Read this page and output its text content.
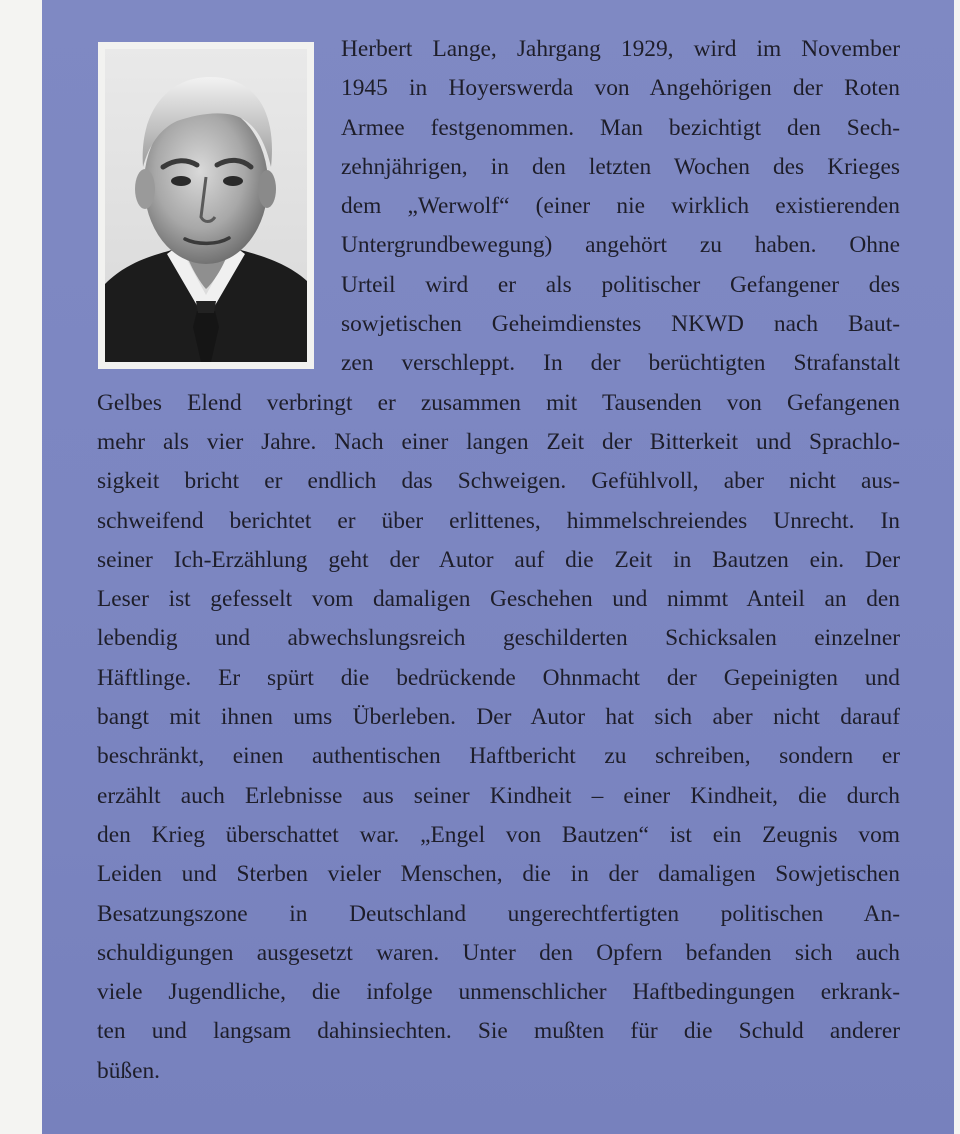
Herbert Lange, Jahrgang 1929, wird im November
1945 in Hoyerswerda von Angehörigen der Roten
Armee festgenommen. Man bezichtigt den Sech-
zehnjährigen, in den letzten Wochen des Krieges
dem „Werwolf“ (einer nie wirklich existierenden
Untergrundbewegung) angehört zu haben. Ohne
Urteil wird er als politischer Gefangener des
sowjetischen Geheimdienstes NKWD nach Baut-
zen verschleppt. In der berüchtigten Strafanstalt
Gelbes Elend verbringt er zusammen mit Tausenden von Gefangenen
mehr als vier Jahre. Nach einer langen Zeit der Bitterkeit und Sprachlo-
sigkeit bricht er endlich das Schweigen. Gefühlvoll, aber nicht aus-
schweifend berichtet er über erlittenes, himmelschreiendes Unrecht. In
seiner Ich-Erzählung geht der Autor auf die Zeit in Bautzen ein. Der
Leser ist gefesselt vom damaligen Geschehen und nimmt Anteil an den
lebendig und abwechslungsreich geschilderten Schicksalen einzelner
Häftlinge. Er spürt die bedrückende Ohnmacht der Gepeinigten und
bangt mit ihnen ums Überleben. Der Autor hat sich aber nicht darauf
beschränkt, einen authentischen Haftbericht zu schreiben, sondern er
erzählt auch Erlebnisse aus seiner Kindheit – einer Kindheit, die durch
den Krieg überschattet war. „Engel von Bautzen“ ist ein Zeugnis vom
Leiden und Sterben vieler Menschen, die in der damaligen Sowjetischen
Besatzungszone in Deutschland ungerechtfertigten politischen An-
schuldigungen ausgesetzt waren. Unter den Opfern befanden sich auch
viele Jugendliche, die infolge unmenschlicher Haftbedingungen erkrank-
ten und langsam dahinsiechten. Sie mußten für die Schuld anderer
büßen.
